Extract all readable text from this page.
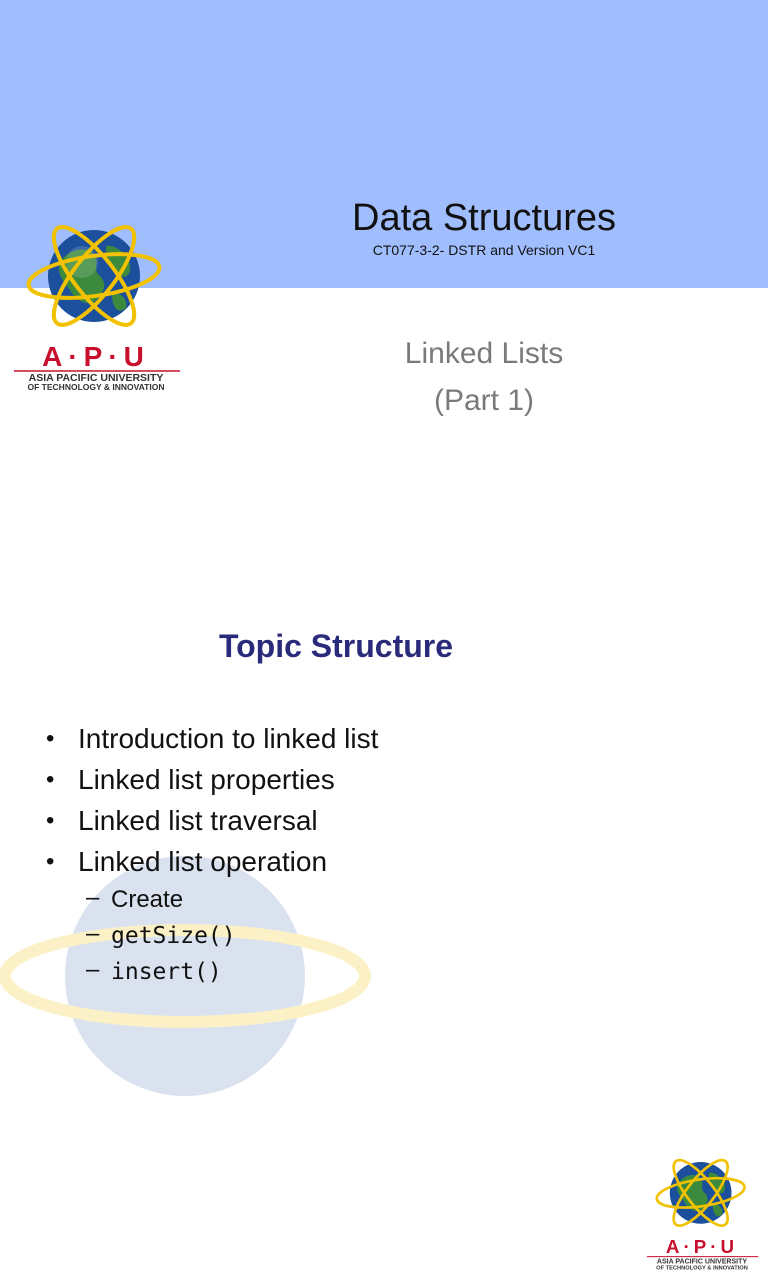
Data Structures
CT077-3-2- DSTR and Version VC1
A·P·U
ASIA PACIFIC UNIVERSITY
OF TECHNOLOGY & INNOVATION
Linked Lists
(Part 1)
Topic Structure
A·P·U
ASIA PACIFIC UNIVERSITY
OF TECHNOLOGY & INNOVATION
• Introduction to linked list
• Linked list properties
• Linked list traversal
• Linked list operation
– Create
– getSize()
– insert()
